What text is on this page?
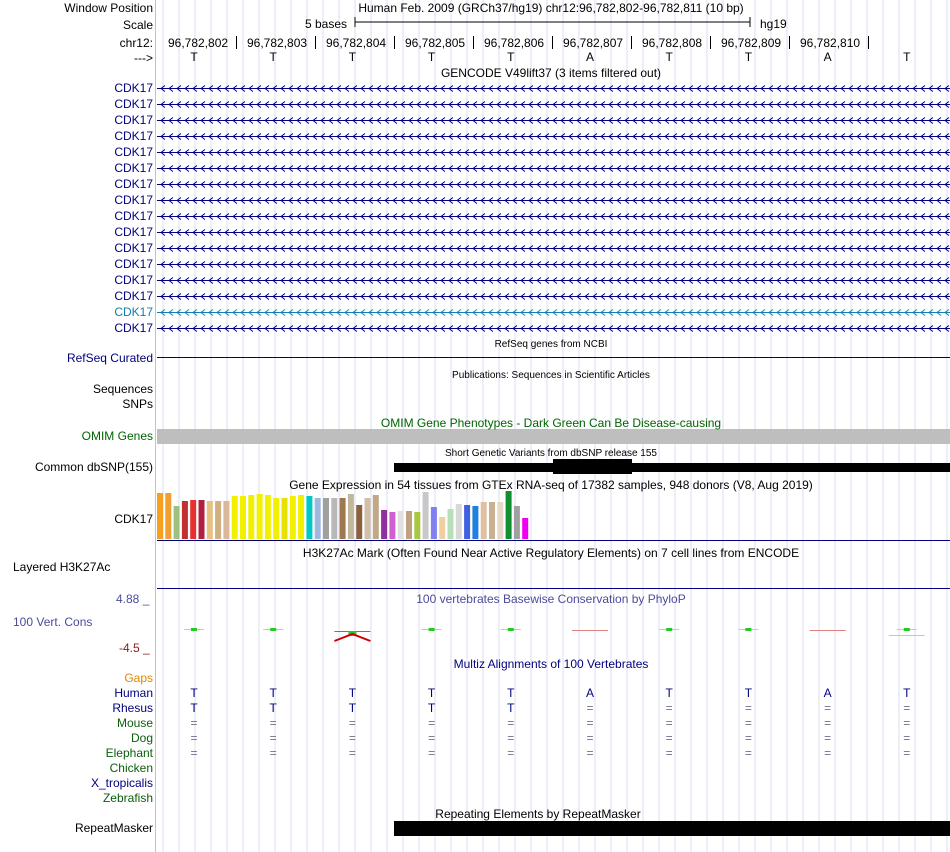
Window Position	Human Feb. 2009 (GRCh37/hg19) chr12:96,782,802-96,782,811 (10 bp)
Scale	5 bases	hg19
chr12:
--->
96,782,802 96,782,803 96,782,804 96,782,805 96,782,806 96,782,807 96,782,808 96,782,809 96,782,810
T	T	T	T	T	A	T	T	A	T
GENCODE V49lift37 (3 items filtered out)
CDK17
CDK17
CDK17
CDK17
CDK17
CDK17
CDK17
CDK17
CDK17
CDK17
CDK17
CDK17
CDK17
CDK17
CDK17
CDK17
RefSeq genes from NCBI
RefSeq Curated
Publications: Sequences in Scientific Articles
Sequences
SNPs
OMIM Gene Phenotypes - Dark Green Can Be Disease-causing
OMIM Genes
Short Genetic Variants from dbSNP release 155
Common dbSNP(155)
Gene Expression in 54 tissues from GTEx RNA-seq of 17382 samples, 948 donors (V8, Aug 2019)
CDK17
H3K27Ac Mark (Often Found Near Active Regulatory Elements) on 7 cell lines from ENCODE
Layered H3K27Ac
4.88 _	100 vertebrates Basewise Conservation by PhyloP
100 Vert. Cons
-4.5 _
Multiz Alignments of 100 Vertebrates
Gaps
Human	T	T	T	T	T	A	T	T	A	T
Rhesus	T	T	T	T	T	=	=	=	=	=
Mouse	=	=	=	=	=	=	=	=	=	=
Dog	=	=	=	=	=	=	=	=	=	=
Elephant	=	=	=	=	=	=	=	=	=	=
Chicken
X_tropicalis
Zebrafish
Repeating Elements by RepeatMasker
RepeatMasker
